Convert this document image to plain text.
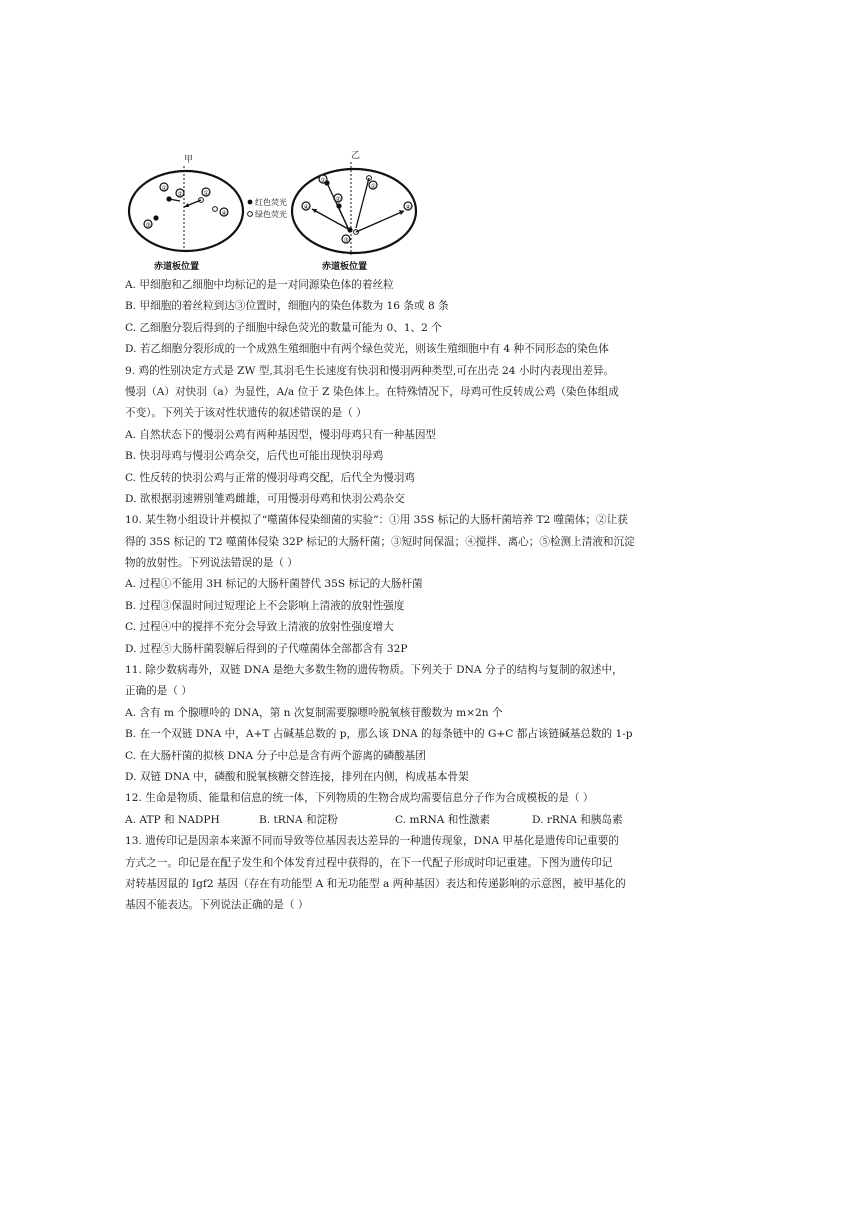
甲	乙
①
②	①
③
④
红色荧光
绿色荧光
②
①
①
④	④
③
赤道板位置	赤道板位置
A. 甲细胞和乙细胞中均标记的是一对同源染色体的着丝粒
B. 甲细胞的着丝粒到达③位置时，细胞内的染色体数为 16 条或 8 条
C. 乙细胞分裂后得到的子细胞中绿色荧光的数量可能为 0、1、2 个
D. 若乙细胞分裂形成的一个成熟生殖细胞中有两个绿色荧光，则该生殖细胞中有 4 种不同形态的染色体
9. 鸡的性别决定方式是 ZW 型,其羽毛生长速度有快羽和慢羽两种类型,可在出壳 24 小时内表现出差异。
慢羽（A）对快羽（a）为显性，A/a 位于 Z 染色体上。在特殊情况下，母鸡可性反转成公鸡（染色体组成
不变）。下列关于该对性状遗传的叙述错误的是（ ）
A. 自然状态下的慢羽公鸡有两种基因型，慢羽母鸡只有一种基因型
B. 快羽母鸡与慢羽公鸡杂交，后代也可能出现快羽母鸡
C. 性反转的快羽公鸡与正常的慢羽母鸡交配，后代全为慢羽鸡
D. 欲根据羽速辨别雏鸡雌雄，可用慢羽母鸡和快羽公鸡杂交
10. 某生物小组设计并模拟了“噬菌体侵染细菌的实验”：①用 35S 标记的大肠杆菌培养 T2 噬菌体；②让获
得的 35S 标记的 T2 噬菌体侵染 32P 标记的大肠杆菌；③短时间保温；④搅拌、离心；⑤检测上清液和沉淀
物的放射性。下列说法错误的是（ ）
A. 过程①不能用 3H 标记的大肠杆菌替代 35S 标记的大肠杆菌
B. 过程③保温时间过短理论上不会影响上清液的放射性强度
C. 过程④中的搅拌不充分会导致上清液的放射性强度增大
D. 过程⑤大肠杆菌裂解后得到的子代噬菌体全部都含有 32P
11. 除少数病毒外，双链 DNA 是绝大多数生物的遗传物质。下列关于 DNA 分子的结构与复制的叙述中，
正确的是（ ）
A. 含有 m 个腺嘌呤的 DNA，第 n 次复制需要腺嘌呤脱氧核苷酸数为 m×2n 个
B. 在一个双链 DNA 中，A+T 占碱基总数的 p，那么该 DNA 的每条链中的 G+C 都占该链碱基总数的 1-p
C. 在大肠杆菌的拟核 DNA 分子中总是含有两个游离的磷酸基团
D. 双链 DNA 中，磷酸和脱氧核糖交替连接，排列在内侧，构成基本骨架
12. 生命是物质、能量和信息的统一体，下列物质的生物合成均需要信息分子作为合成模板的是（ ）
A. ATP 和 NADPH	B. tRNA 和淀粉	C. mRNA 和性激素	D. rRNA 和胰岛素
13. 遗传印记是因亲本来源不同而导致等位基因表达差异的一种遗传现象，DNA 甲基化是遗传印记重要的
方式之一。印记是在配子发生和个体发育过程中获得的，在下一代配子形成时印记重建。下图为遗传印记
对转基因鼠的 Igf2 基因（存在有功能型 A 和无功能型 a 两种基因）表达和传递影响的示意图，被甲基化的
基因不能表达。下列说法正确的是（ ）
